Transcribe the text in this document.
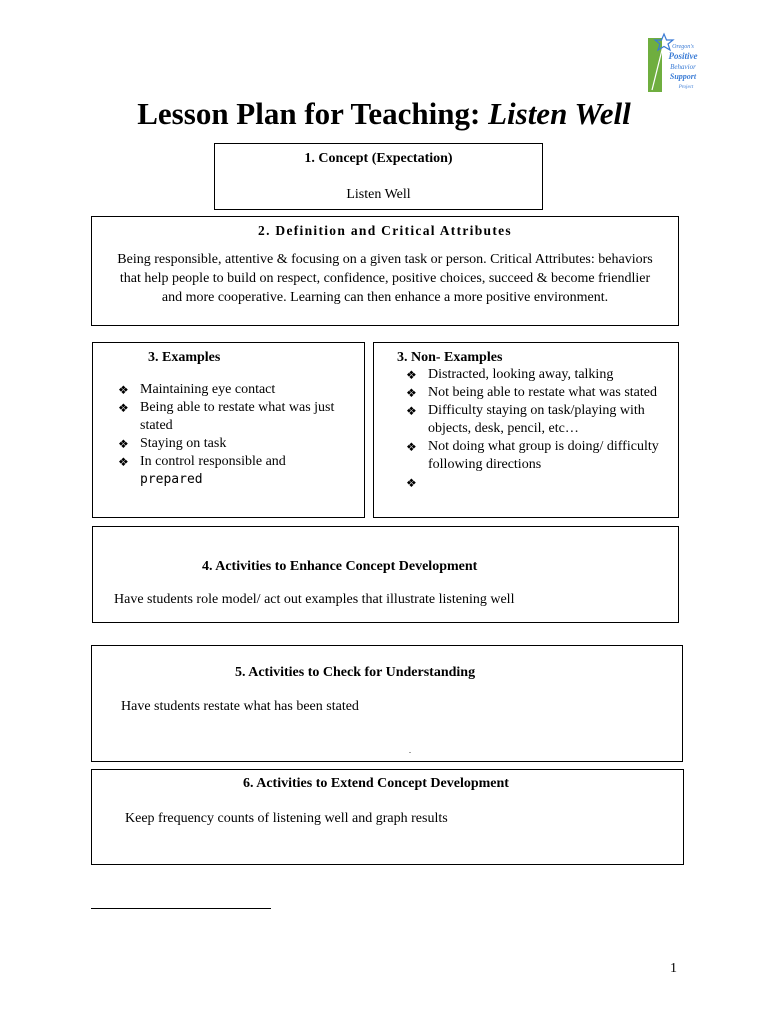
Oregon's
Positive
Behavior
Support
Project
Lesson Plan for Teaching: Listen Well
1. Concept (Expectation)
Listen Well
2. Definition and Critical Attributes
Being responsible, attentive & focusing on a given task or person. Critical Attributes: behaviors
that help people to build on respect, confidence, positive choices, succeed & become friendlier
and more cooperative. Learning can then enhance a more positive environment.
3. Examples
❖ Maintaining eye contact
❖ Being able to restate what was just stated
❖ Staying on task
❖ In control responsible and
prepared
3. Non- Examples
❖ Distracted, looking away, talking
❖ Not being able to restate what was stated
❖ Difficulty staying on task/playing with objects, desk, pencil, etc…
❖ Not doing what group is doing/ difficulty following directions
❖

4. Activities to Enhance Concept Development
Have students role model/ act out examples that illustrate listening well
5. Activities to Check for Understanding
Have students restate what has been stated
.
6. Activities to Extend Concept Development
Keep frequency counts of listening well and graph results
1
